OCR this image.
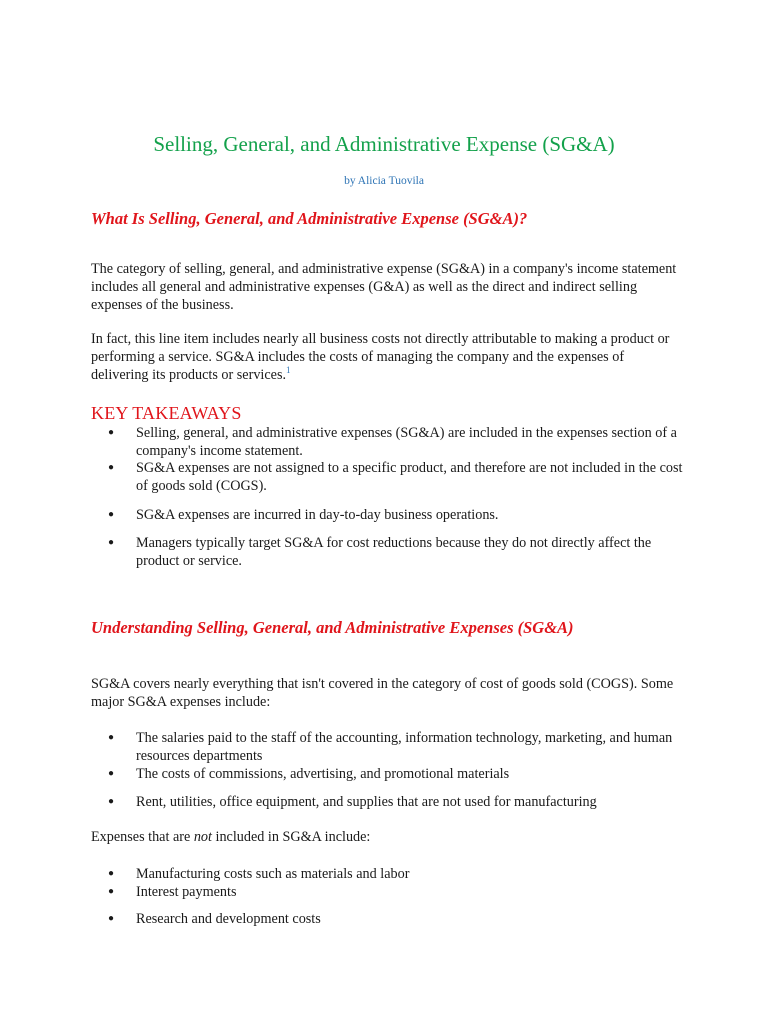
Selling, General, and Administrative Expense (SG&A)
by Alicia Tuovila
What Is Selling, General, and Administrative Expense (SG&A)?
The category of selling, general, and administrative expense (SG&A) in a company's income statement includes all general and administrative expenses (G&A) as well as the direct and indirect selling expenses of the business.
In fact, this line item includes nearly all business costs not directly attributable to making a product or performing a service. SG&A includes the costs of managing the company and the expenses of delivering its products or services.$^1$
KEY TAKEAWAYS
● Selling, general, and administrative expenses (SG&A) are included in the expenses section of a company's income statement.
● SG&A expenses are not assigned to a specific product, and therefore are not included in the cost of goods sold (COGS).
● SG&A expenses are incurred in day-to-day business operations.
● Managers typically target SG&A for cost reductions because they do not directly affect the product or service.
Understanding Selling, General, and Administrative Expenses (SG&A)
SG&A covers nearly everything that isn't covered in the category of cost of goods sold (COGS). Some major SG&A expenses include:
● The salaries paid to the staff of the accounting, information technology, marketing, and human resources departments
● The costs of commissions, advertising, and promotional materials
● Rent, utilities, office equipment, and supplies that are not used for manufacturing
Expenses that are not included in SG&A include:
● Manufacturing costs such as materials and labor
● Interest payments
● Research and development costs
